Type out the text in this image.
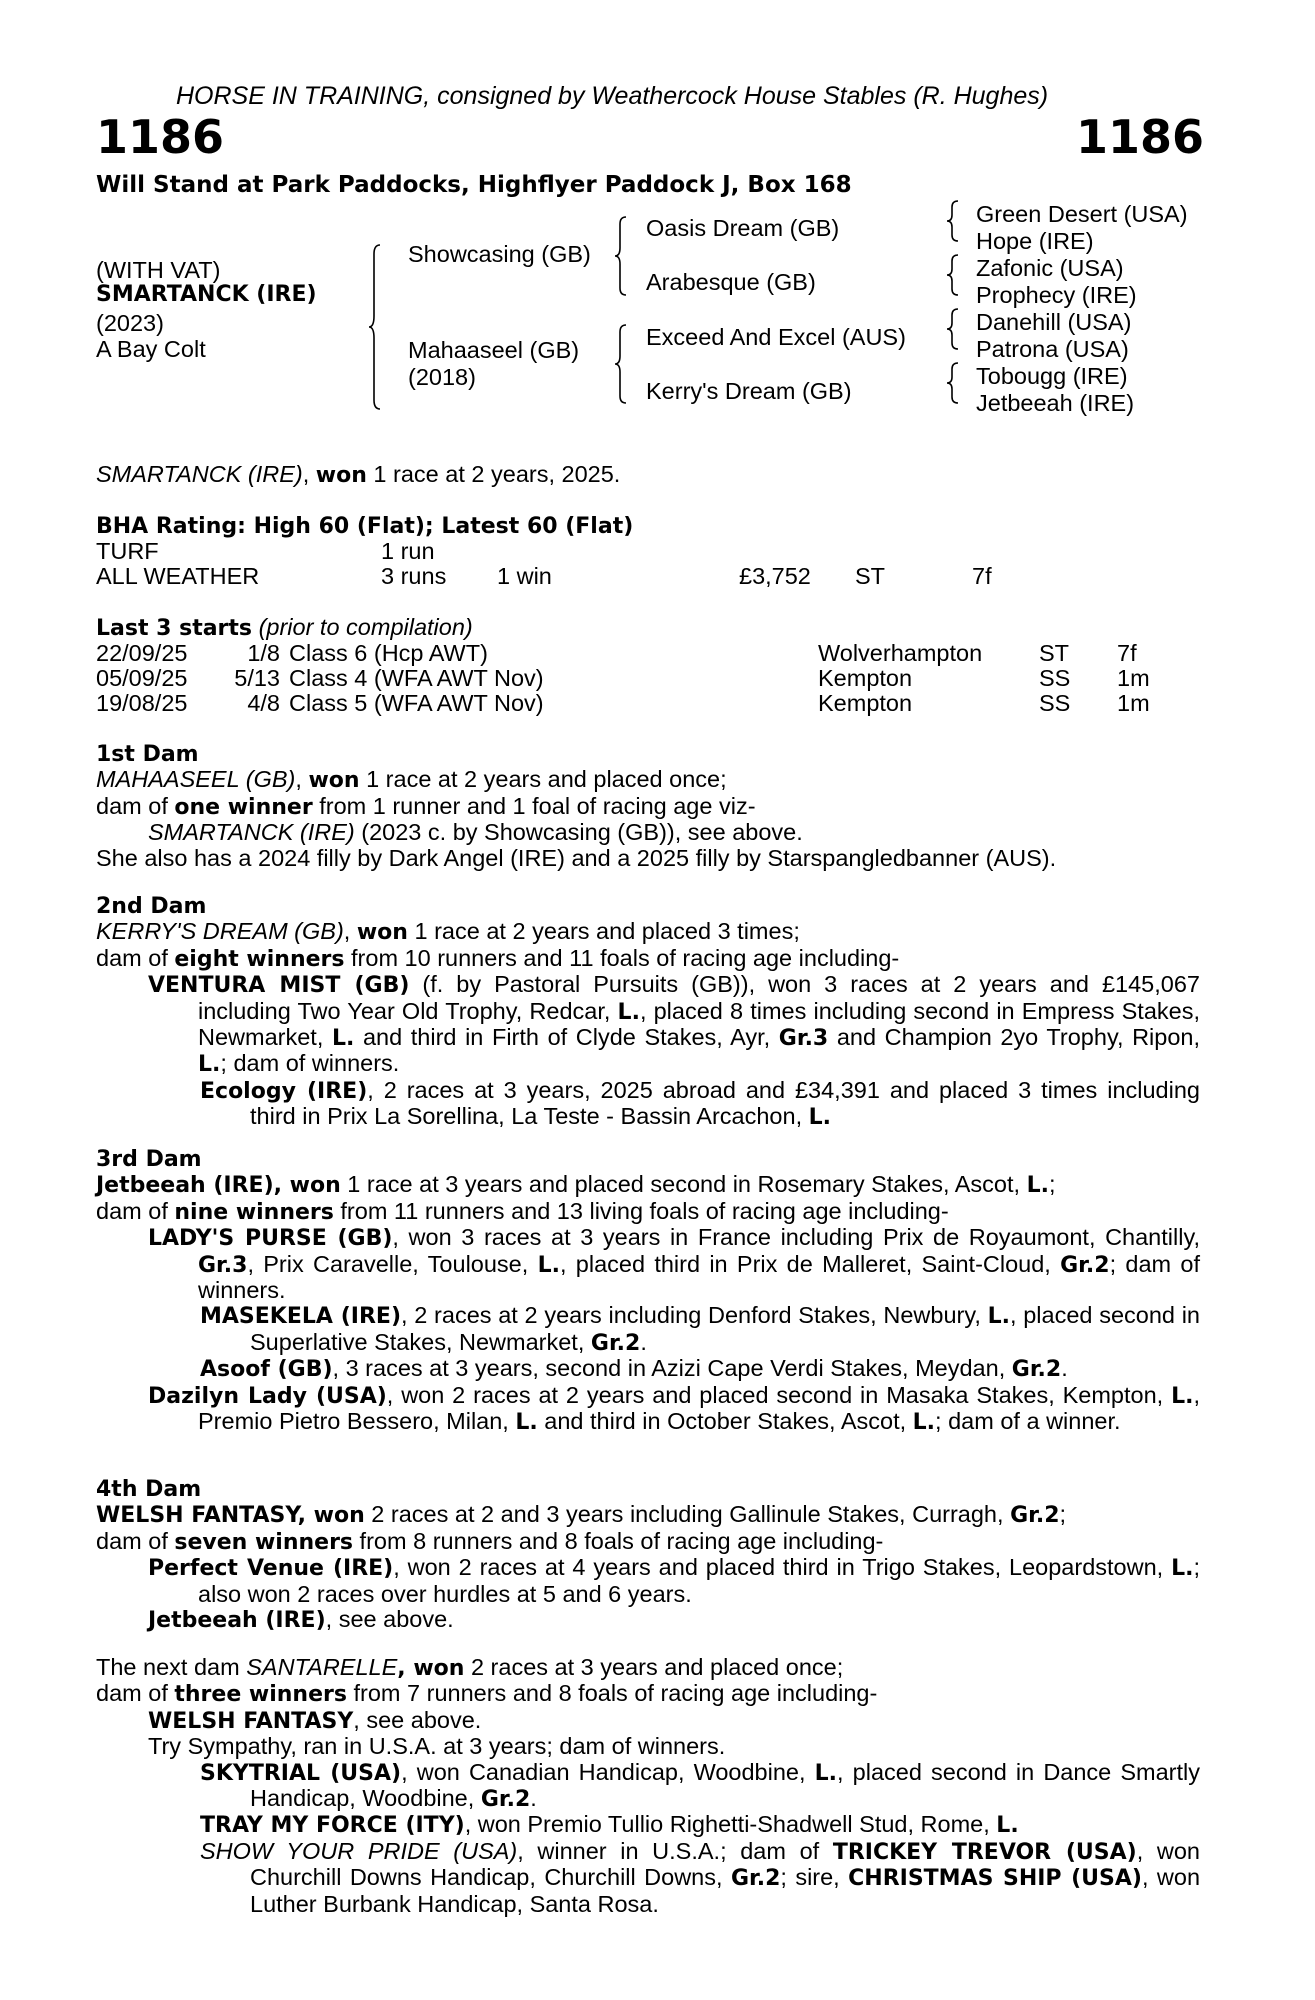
HORSE IN TRAINING, consigned by Weathercock House Stables (R. Hughes)
1186	1186
Will Stand at Park Paddocks, Highflyer Paddock J, Box 168
(WITH VAT)
SMARTANCK (IRE)
(2023)
A Bay Colt
Showcasing (GB)
Mahaaseel (GB)
(2018)
Oasis Dream (GB)
Arabesque (GB)
Exceed And Excel (AUS)
Kerry's Dream (GB)
Green Desert (USA)
Hope (IRE)
Zafonic (USA)
Prophecy (IRE)
Danehill (USA)
Patrona (USA)
Tobougg (IRE)
Jetbeeah (IRE)
SMARTANCK (IRE), won 1 race at 2 years, 2025.
BHA Rating: High 60 (Flat); Latest 60 (Flat)
TURF	1 run
ALL WEATHER	3 runs 1 win	£3,752 ST	7f
Last 3 starts (prior to compilation)
22/09/25	1/8 Class 6 (Hcp AWT)	Wolverhampton ST 7f
05/09/25	5/13 Class 4 (WFA AWT Nov)	Kempton	SS 1m
19/08/25	4/8 Class 5 (WFA AWT Nov)	Kempton	SS 1m

1st Dam

MAHAASEEL (GB), won 1 race at 2 years and placed once;

dam of one winner from 1 runner and 1 foal of racing age viz-

SMARTANCK (IRE) (2023 c. by Showcasing (GB)), see above.

She also has a 2024 filly by Dark Angel (IRE) and a 2025 filly by Starspangledbanner (AUS).

2nd Dam

KERRY'S DREAM (GB), won 1 race at 2 years and placed 3 times;

dam of eight winners from 10 runners and 11 foals of racing age including-

VENTURA MIST (GB) (f. by Pastoral Pursuits (GB)), won 3 races at 2 years and £145,067 including Two Year Old Trophy, Redcar, L., placed 8 times including second in Empress Stakes, Newmarket, L. and third in Firth of Clyde Stakes, Ayr, Gr.3 and Champion 2yo Trophy, Ripon, L.; dam of winners.

Ecology (IRE), 2 races at 3 years, 2025 abroad and £34,391 and placed 3 times including third in Prix La Sorellina, La Teste - Bassin Arcachon, L.

3rd Dam

Jetbeeah (IRE), won 1 race at 3 years and placed second in Rosemary Stakes, Ascot, L.;

dam of nine winners from 11 runners and 13 living foals of racing age including-

LADY'S PURSE (GB), won 3 races at 3 years in France including Prix de Royaumont, Chantilly, Gr.3, Prix Caravelle, Toulouse, L., placed third in Prix de Malleret, Saint-Cloud, Gr.2; dam of winners.

MASEKELA (IRE), 2 races at 2 years including Denford Stakes, Newbury, L., placed second in Superlative Stakes, Newmarket, Gr.2.

Asoof (GB), 3 races at 3 years, second in Azizi Cape Verdi Stakes, Meydan, Gr.2.

Dazilyn Lady (USA), won 2 races at 2 years and placed second in Masaka Stakes, Kempton, L., Premio Pietro Bessero, Milan, L. and third in October Stakes, Ascot, L.; dam of a winner.

4th Dam

WELSH FANTASY, won 2 races at 2 and 3 years including Gallinule Stakes, Curragh, Gr.2;

dam of seven winners from 8 runners and 8 foals of racing age including-

Perfect Venue (IRE), won 2 races at 4 years and placed third in Trigo Stakes, Leopardstown, L.; also won 2 races over hurdles at 5 and 6 years.

Jetbeeah (IRE), see above.

The next dam SANTARELLE, won 2 races at 3 years and placed once;

dam of three winners from 7 runners and 8 foals of racing age including-

WELSH FANTASY, see above.

Try Sympathy, ran in U.S.A. at 3 years; dam of winners.

SKYTRIAL (USA), won Canadian Handicap, Woodbine, L., placed second in Dance Smartly Handicap, Woodbine, Gr.2.

TRAY MY FORCE (ITY), won Premio Tullio Righetti-Shadwell Stud, Rome, L.

SHOW YOUR PRIDE (USA), winner in U.S.A.; dam of TRICKEY TREVOR (USA), won Churchill Downs Handicap, Churchill Downs, Gr.2; sire, CHRISTMAS SHIP (USA), won Luther Burbank Handicap, Santa Rosa.
